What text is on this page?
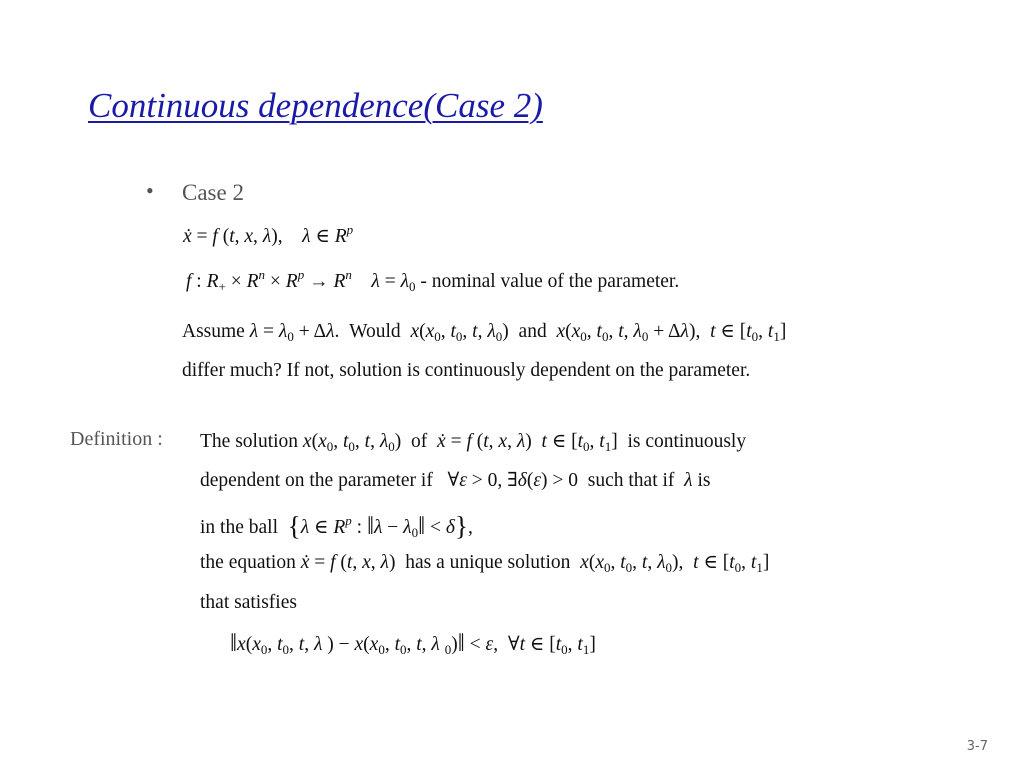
Continuous dependence(Case 2)
• Case 2
ẋ = f (t, x, λ),    λ ∈ $R^p$
f : $R_+ \times R^n \times R^p \to R^n$ $\lambda = \lambda_0$ - nominal value of the parameter.
Assume $\lambda = \lambda_0 + \Delta\lambda$.  Would $x(x_0$, $t_0$, t, $\lambda_0$)  and $x(x_0$, $t_0$, t, $\lambda_0 + \Delta\lambda$),  t ∈ [$t_0$, $t_1$]
differ much? If not, solution is continuously dependent on the parameter.
Definition : The solution $x(x_0$, $t_0$, t, $\lambda_0$)  of ẋ = f (t, x, λ)  t ∈ [$t_0$, $t_1$]  is continuously
dependent on the parameter if   ∀ε > 0, ∃δ(ε) > 0  such that if λ is
in the ball {λ ∈ $R^p$ : ‖λ − $\lambda_0‖ < \delta$},
the equation ẋ = f (t, x, λ)  has a unique solution $x(x_0$, $t_0$, t, $\lambda_0$),  t ∈ [$t_0$, $t_1$]
that satisfies
$‖x(x_0$, $t_0$, t, λ ) − $x(x_0$, $t_0$, t, λ $_0$)‖ < ε,  ∀t ∈ [$t_0$, $t_1$]
3-7
